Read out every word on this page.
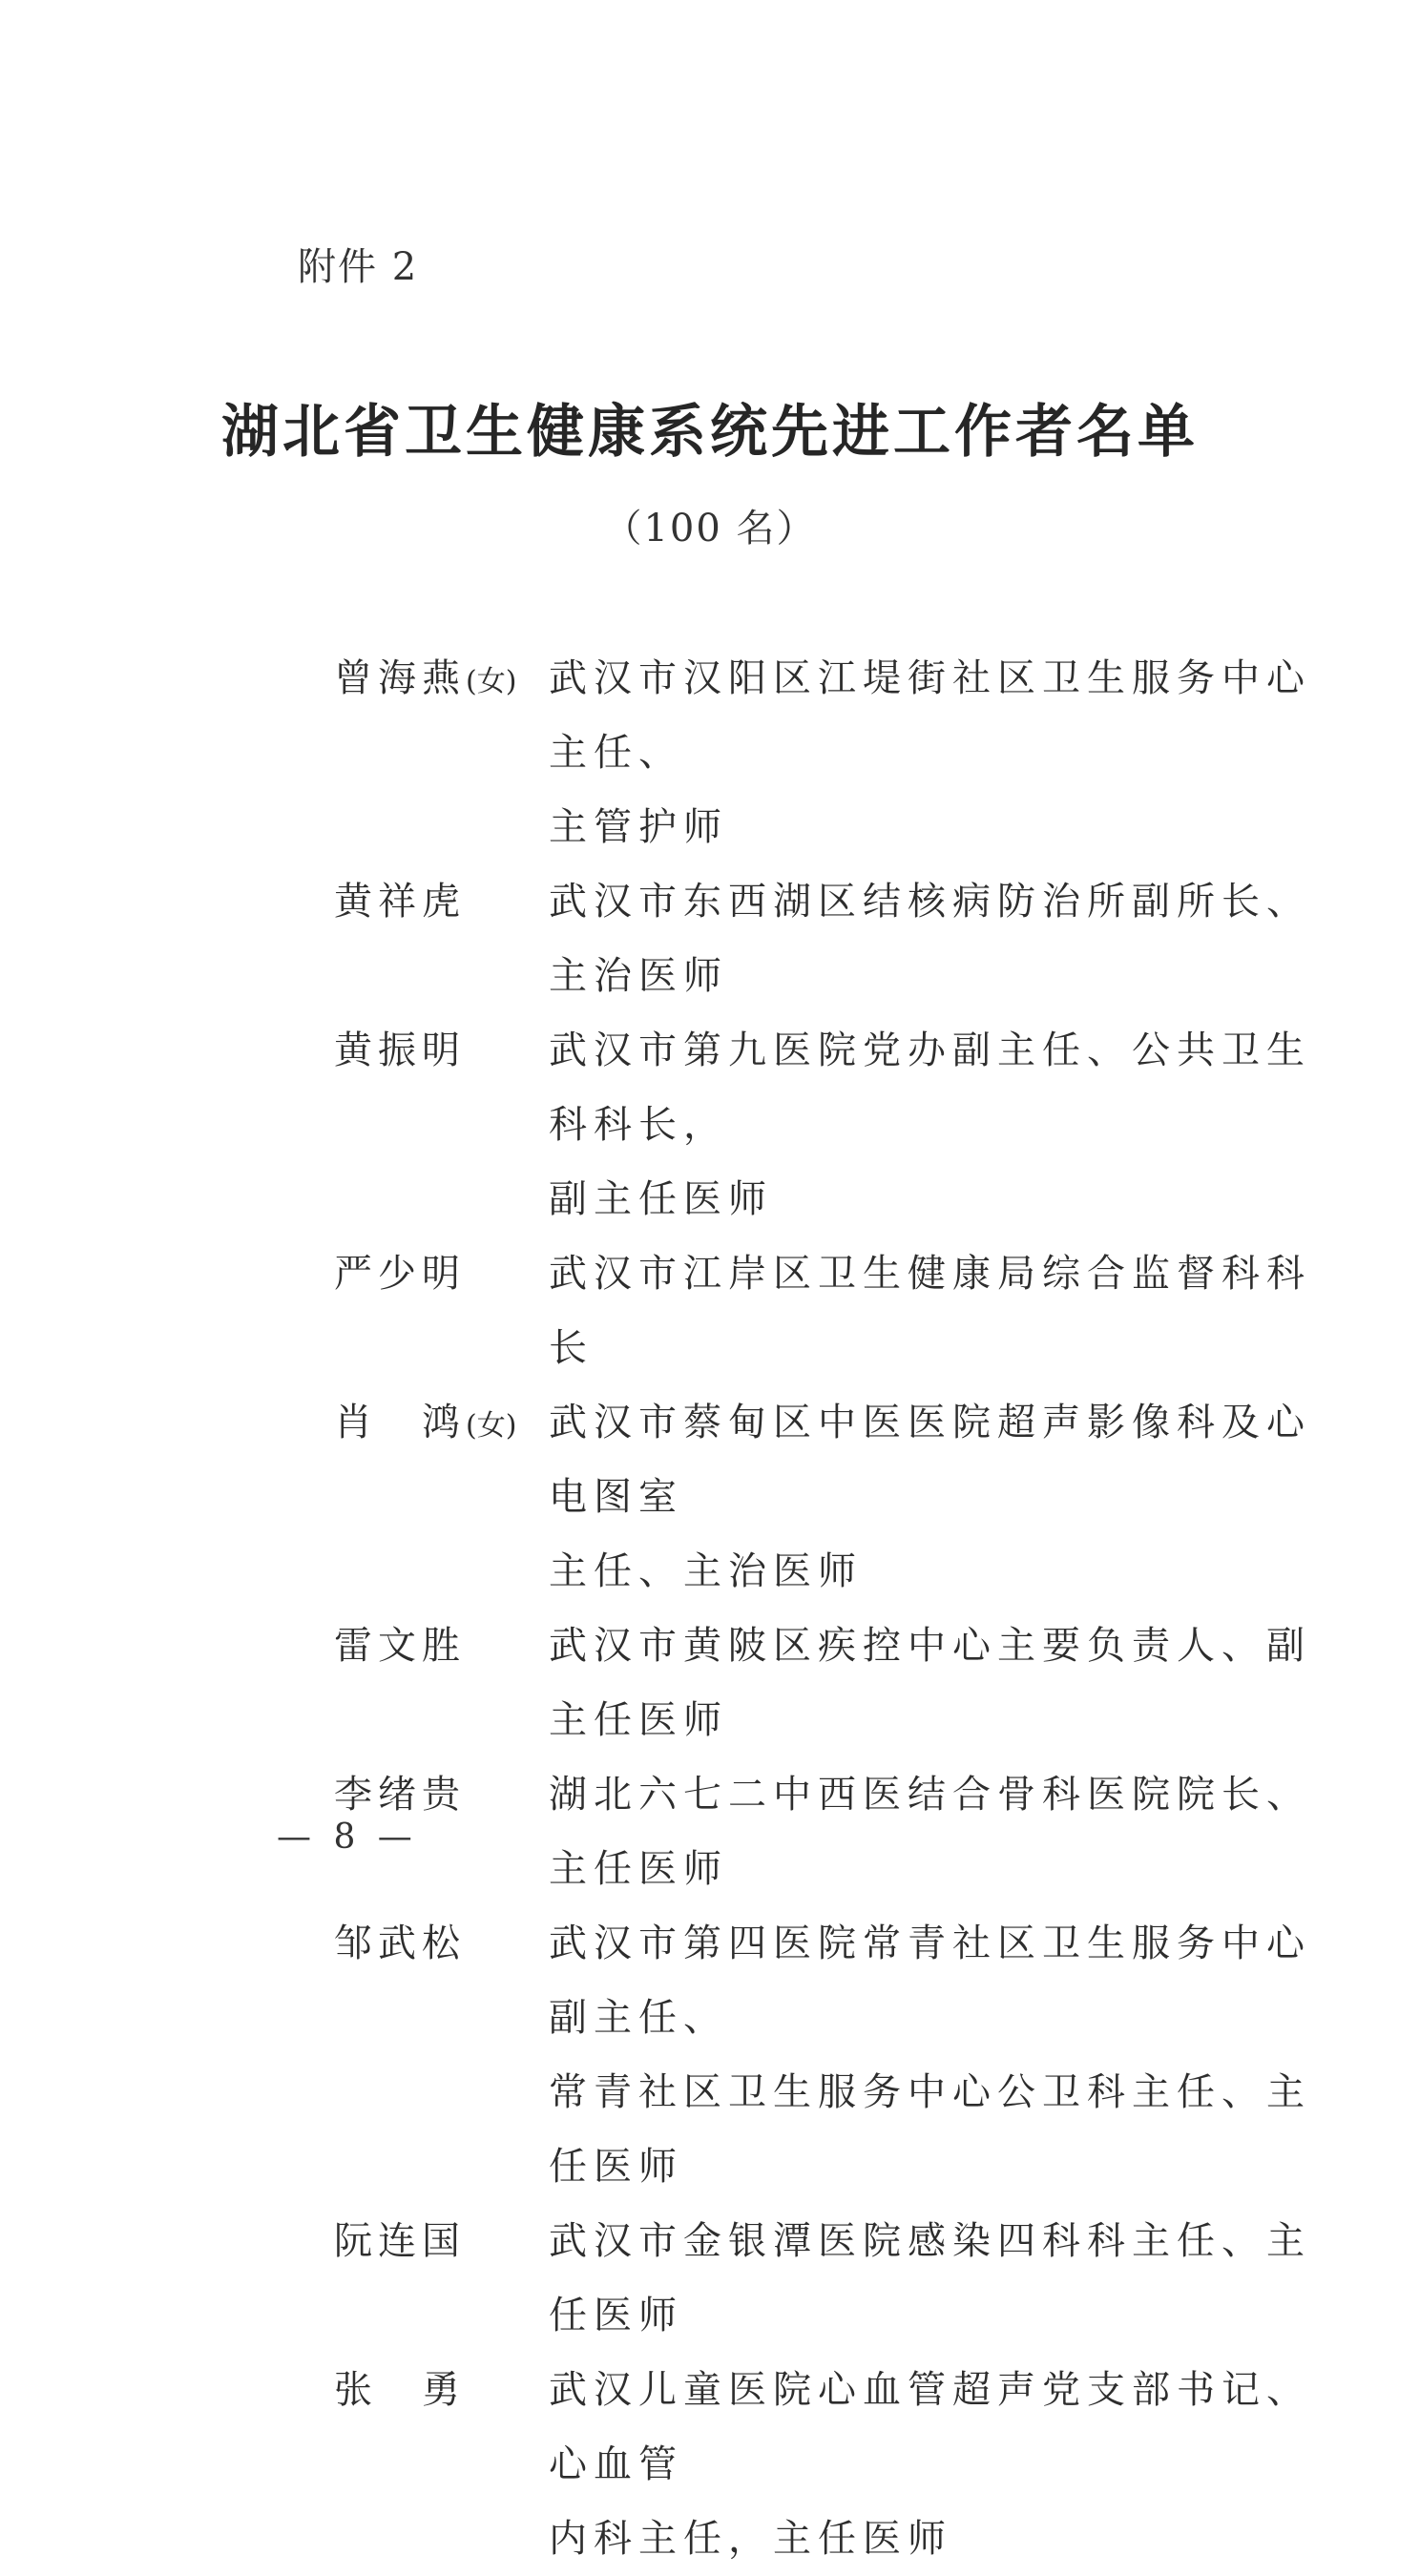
附件 2
湖北省卫生健康系统先进工作者名单
（100 名）
曾海燕(女) 武汉市汉阳区江堤街社区卫生服务中心主任、
主管护师
黄祥虎	武汉市东西湖区结核病防治所副所长、主治医师
黄振明	武汉市第九医院党办副主任、公共卫生科科长，
副主任医师
严少明	武汉市江岸区卫生健康局综合监督科科长
肖　鸿(女) 武汉市蔡甸区中医医院超声影像科及心电图室
主任、主治医师
雷文胜	武汉市黄陂区疾控中心主要负责人、副主任医师
李绪贵	湖北六七二中西医结合骨科医院院长、主任医师
邹武松	武汉市第四医院常青社区卫生服务中心副主任、
常青社区卫生服务中心公卫科主任、主任医师
阮连国	武汉市金银潭医院感染四科科主任、主任医师
张　勇	武汉儿童医院心血管超声党支部书记、心血管
内科主任，主任医师
— 8 —
